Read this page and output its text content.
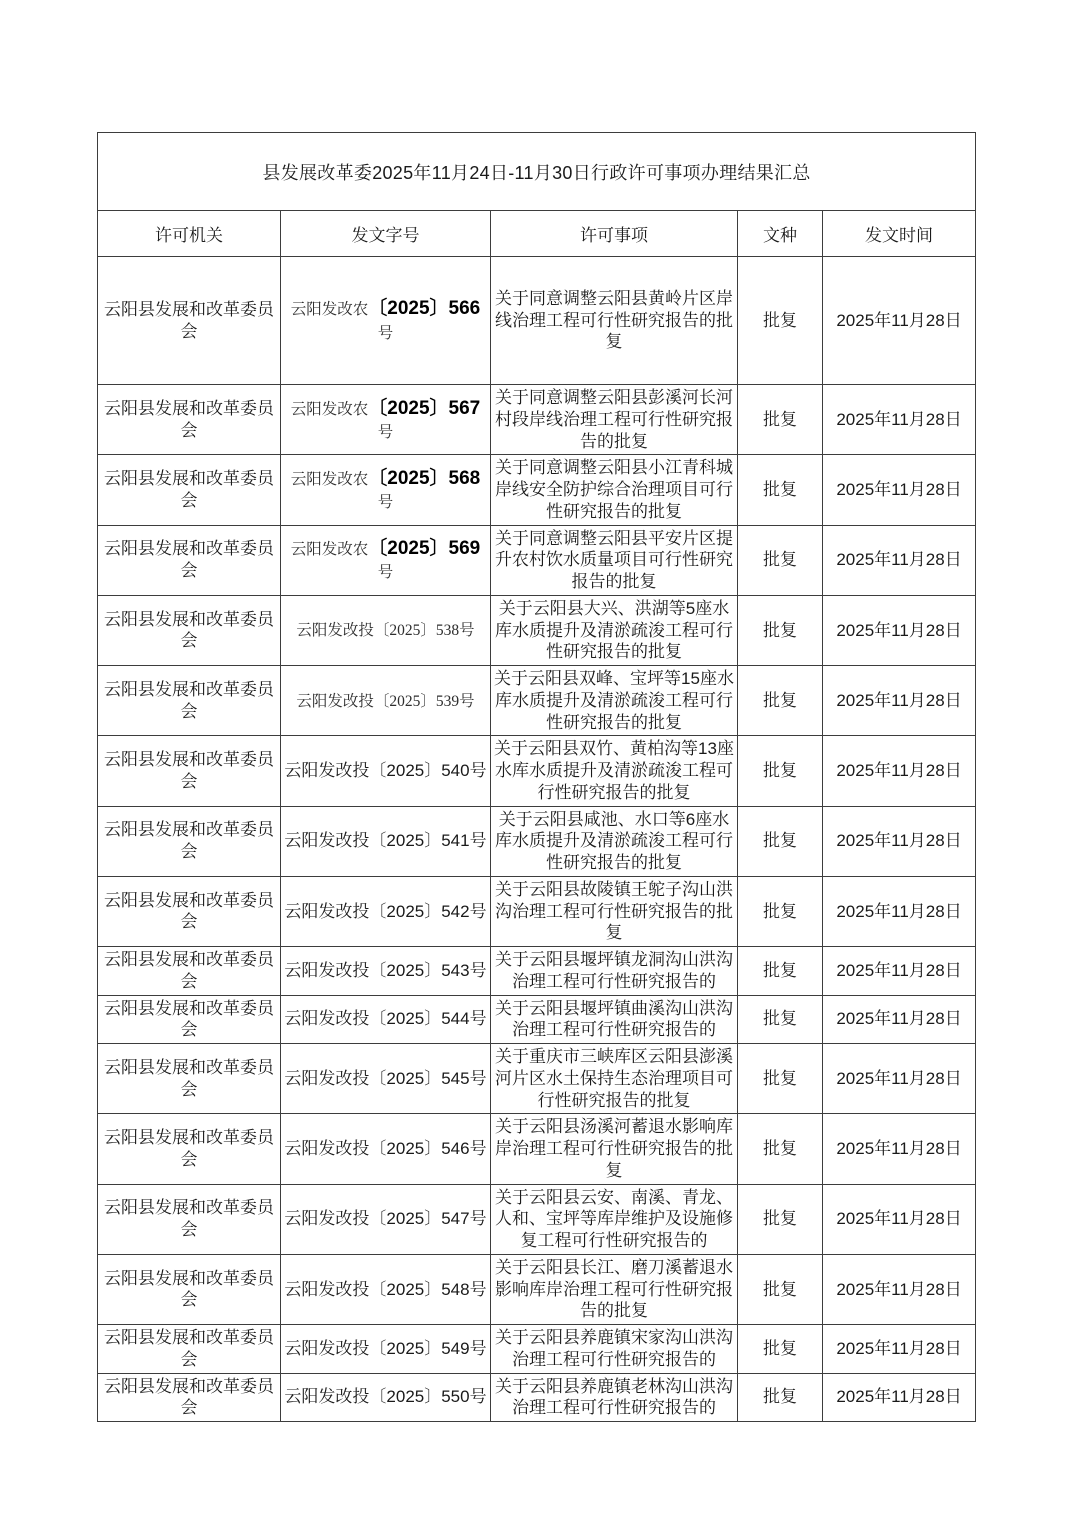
县发展改革委2025年11月24日-11月30日行政许可事项办理结果汇总				
许可机关	发文字号	许可事项	文种	发文时间
云阳县发展和改革委员会	云阳发改农〔2025〕566号	关于同意调整云阳县黄岭片区岸线治理工程可行性研究报告的批复	批复	2025年11月28日
云阳县发展和改革委员会	云阳发改农〔2025〕567号	关于同意调整云阳县彭溪河长河村段岸线治理工程可行性研究报告的批复	批复	2025年11月28日
云阳县发展和改革委员会	云阳发改农〔2025〕568号	关于同意调整云阳县小江青科城岸线安全防护综合治理项目可行性研究报告的批复	批复	2025年11月28日
云阳县发展和改革委员会	云阳发改农〔2025〕569号	关于同意调整云阳县平安片区提升农村饮水质量项目可行性研究报告的批复	批复	2025年11月28日
云阳县发展和改革委员会	云阳发改投〔2025〕538号	关于云阳县大兴、洪湖等5座水库水质提升及清淤疏浚工程可行性研究报告的批复	批复	2025年11月28日
云阳县发展和改革委员会	云阳发改投〔2025〕539号	关于云阳县双峰、宝坪等15座水库水质提升及清淤疏浚工程可行性研究报告的批复	批复	2025年11月28日
云阳县发展和改革委员会	云阳发改投〔2025〕540号	关于云阳县双竹、黄柏沟等13座水库水质提升及清淤疏浚工程可行性研究报告的批复	批复	2025年11月28日
云阳县发展和改革委员会	云阳发改投〔2025〕541号	关于云阳县咸池、水口等6座水库水质提升及清淤疏浚工程可行性研究报告的批复	批复	2025年11月28日
云阳县发展和改革委员会	云阳发改投〔2025〕542号	关于云阳县故陵镇王鸵子沟山洪沟治理工程可行性研究报告的批复	批复	2025年11月28日
云阳县发展和改革委员会	云阳发改投〔2025〕543号	关于云阳县堰坪镇龙洞沟山洪沟治理工程可行性研究报告的	批复	2025年11月28日
云阳县发展和改革委员会	云阳发改投〔2025〕544号	关于云阳县堰坪镇曲溪沟山洪沟治理工程可行性研究报告的	批复	2025年11月28日
云阳县发展和改革委员会	云阳发改投〔2025〕545号	关于重庆市三峡库区云阳县澎溪河片区水土保持生态治理项目可行性研究报告的批复	批复	2025年11月28日
云阳县发展和改革委员会	云阳发改投〔2025〕546号	关于云阳县汤溪河蓄退水影响库岸治理工程可行性研究报告的批复	批复	2025年11月28日
云阳县发展和改革委员会	云阳发改投〔2025〕547号	关于云阳县云安、南溪、青龙、人和、宝坪等库岸维护及设施修复工程可行性研究报告的	批复	2025年11月28日
云阳县发展和改革委员会	云阳发改投〔2025〕548号	关于云阳县长江、磨刀溪蓄退水影响库岸治理工程可行性研究报告的批复	批复	2025年11月28日
云阳县发展和改革委员会	云阳发改投〔2025〕549号	关于云阳县养鹿镇宋家沟山洪沟治理工程可行性研究报告的	批复	2025年11月28日
云阳县发展和改革委员会	云阳发改投〔2025〕550号	关于云阳县养鹿镇老林沟山洪沟治理工程可行性研究报告的	批复	2025年11月28日
